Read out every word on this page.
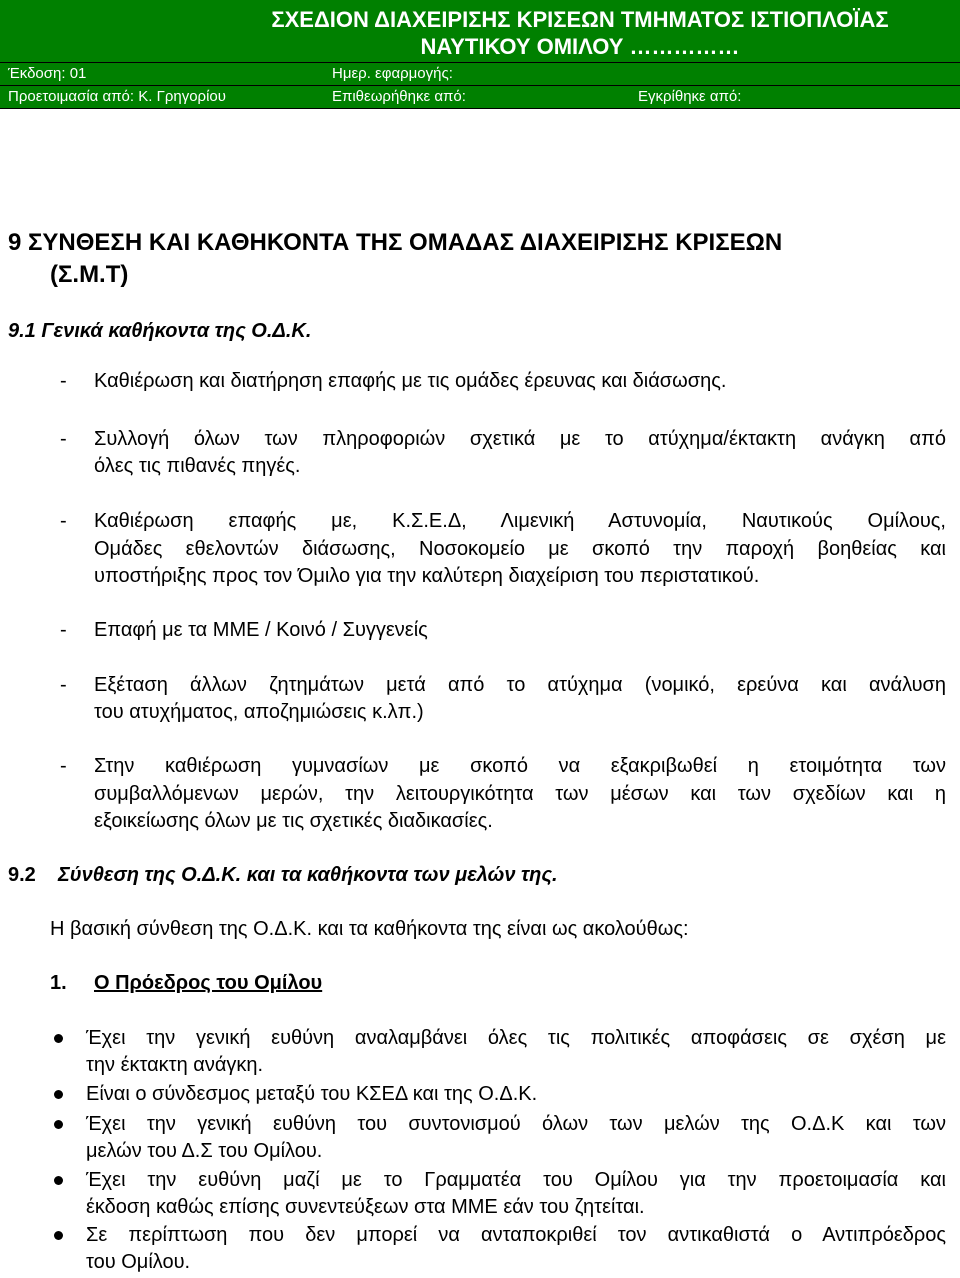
ΣΧΕΔΙΟΝ ΔΙΑΧΕΙΡΙΣΗΣ ΚΡΙΣΕΩΝ ΤΜΗΜΑΤΟΣ ΙΣΤΙΟΠΛΟΪΑΣ
ΝΑΥΤΙΚΟΥ ΟΜΙΛΟΥ ……………
Έκδοση: 01	Ημερ. εφαρμογής:
Προετοιμασία από: Κ. Γρηγορίου	Επιθεωρήθηκε από:	Εγκρίθηκε από:
9 ΣΥΝΘΕΣΗ ΚΑΙ ΚΑΘΗΚΟΝΤΑ ΤΗΣ ΟΜΑΔΑΣ ΔΙΑΧΕΙΡΙΣΗΣ ΚΡΙΣΕΩΝ
(Σ.Μ.Τ)
9.1 Γενικά καθήκοντα της Ο.Δ.Κ.
- Καθιέρωση και διατήρηση επαφής με τις ομάδες έρευνας και διάσωσης.
- Συλλογή όλων των πληροφοριών σχετικά με το ατύχημα/έκτακτη ανάγκη από
όλες τις πιθανές πηγές.
- Καθιέρωση επαφής με, Κ.Σ.Ε.Δ, Λιμενική Αστυνομία, Ναυτικούς Ομίλους,
Ομάδες εθελοντών διάσωσης, Νοσοκομείο με σκοπό την παροχή βοηθείας και
υποστήριξης προς τον Όμιλο για την καλύτερη διαχείριση του περιστατικού.
- Επαφή με τα ΜΜΕ / Κοινό / Συγγενείς
- Εξέταση άλλων ζητημάτων μετά από το ατύχημα (νομικό, ερεύνα και ανάλυση
του ατυχήματος, αποζημιώσεις κ.λπ.)
- Στην καθιέρωση γυμνασίων με σκοπό να εξακριβωθεί η ετοιμότητα των
συμβαλλόμενων μερών, την λειτουργικότητα των μέσων και των σχεδίων και η
εξοικείωσης όλων με τις σχετικές διαδικασίες.
9.2 Σύνθεση της Ο.Δ.Κ. και τα καθήκοντα των μελών της.
Η βασική σύνθεση της Ο.Δ.Κ. και τα καθήκοντα της είναι ως ακολούθως:
1. Ο Πρόεδρος του Ομίλου
Έχει την γενική ευθύνη αναλαμβάνει όλες τις πολιτικές αποφάσεις σε σχέση με
την έκτακτη ανάγκη.
Είναι ο σύνδεσμος μεταξύ του ΚΣΕΔ και της Ο.Δ.Κ.
Έχει την γενική ευθύνη του συντονισμού όλων των μελών της Ο.Δ.Κ και των
μελών του Δ.Σ του Ομίλου.
Έχει την ευθύνη μαζί με το Γραμματέα του Ομίλου για την προετοιμασία και
έκδοση καθώς επίσης συνεντεύξεων στα ΜΜΕ εάν του ζητείται.
Σε περίπτωση που δεν μπορεί να ανταποκριθεί τον αντικαθιστά ο Αντιπρόεδρος
του Ομίλου.
